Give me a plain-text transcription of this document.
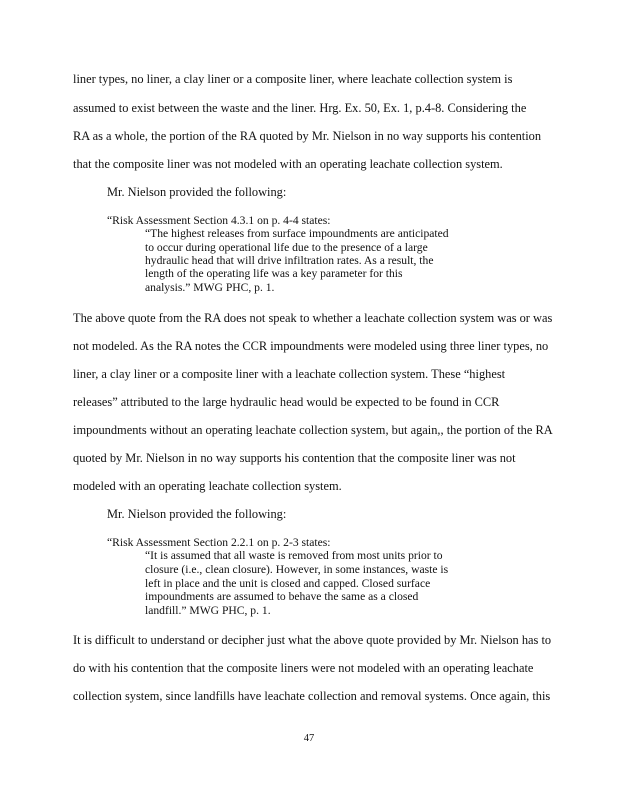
liner types, no liner, a clay liner or a composite liner, where leachate collection system is

assumed to exist between the waste and the liner. Hrg. Ex. 50, Ex. 1, p.4-8. Considering the

RA as a whole, the portion of the RA quoted by Mr. Nielson in no way supports his contention

that the composite liner was not modeled with an operating leachate collection system.

Mr. Nielson provided the following:

“Risk Assessment Section 4.3.1 on p. 4-4 states:

“The highest releases from surface impoundments are anticipated

to occur during operational life due to the presence of a large

hydraulic head that will drive infiltration rates. As a result, the

length of the operating life was a key parameter for this

analysis.” MWG PHC, p. 1.

The above quote from the RA does not speak to whether a leachate collection system was or was

not modeled. As the RA notes the CCR impoundments were modeled using three liner types, no

liner, a clay liner or a composite liner with a leachate collection system. These “highest

releases” attributed to the large hydraulic head would be expected to be found in CCR

impoundments without an operating leachate collection system, but again,, the portion of the RA

quoted by Mr. Nielson in no way supports his contention that the composite liner was not

modeled with an operating leachate collection system.

Mr. Nielson provided the following:

“Risk Assessment Section 2.2.1 on p. 2-3 states:

“It is assumed that all waste is removed from most units prior to

closure (i.e., clean closure). However, in some instances, waste is

left in place and the unit is closed and capped. Closed surface

impoundments are assumed to behave the same as a closed

landfill.” MWG PHC, p. 1.

It is difficult to understand or decipher just what the above quote provided by Mr. Nielson has to

do with his contention that the composite liners were not modeled with an operating leachate

collection system, since landfills have leachate collection and removal systems. Once again, this

47
